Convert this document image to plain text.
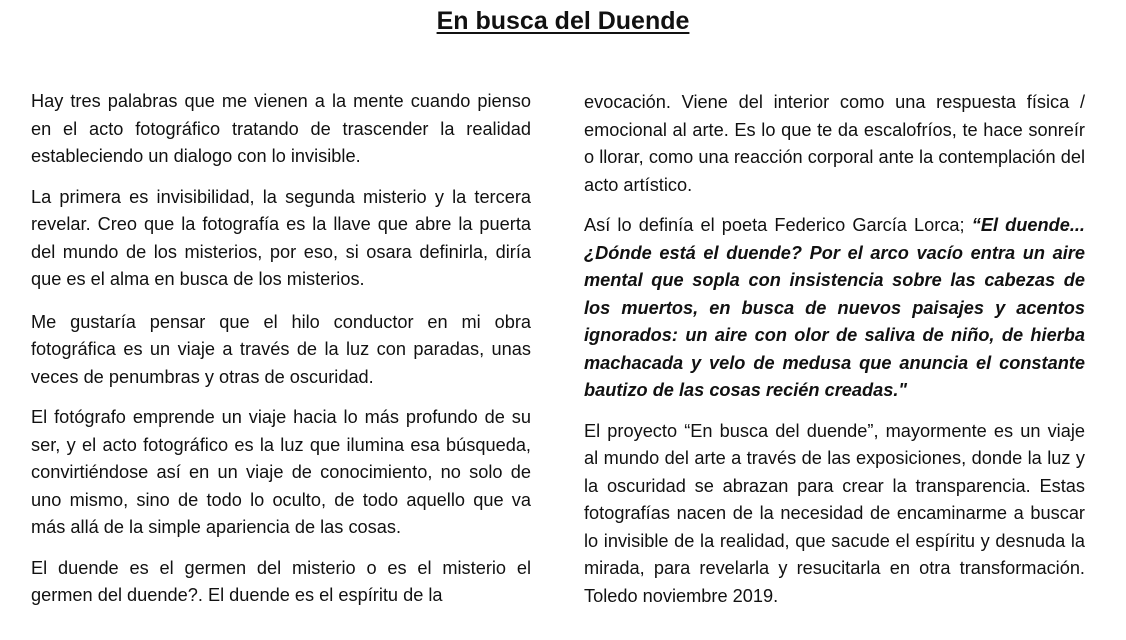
En busca del Duende

Hay tres palabras que me vienen a la mente cuando pienso en el acto fotográfico tratando de trascender la realidad estableciendo un dialogo con lo invisible.

La primera es invisibilidad, la segunda misterio y la tercera revelar. Creo que la fotografía es la llave que abre la puerta del mundo de los misterios, por eso, si osara definirla, diría que es el alma en busca de los misterios.

Me gustaría pensar que el hilo conductor en mi obra fotográfica es un viaje a través de la luz con paradas, unas veces de penumbras y otras de oscuridad.

El fotógrafo emprende un viaje hacia lo más profundo de su ser, y el acto fotográfico es la luz que ilumina esa búsqueda, convirtiéndose así en un viaje de conocimiento, no solo de uno mismo, sino de todo lo oculto, de todo aquello que va más allá de la simple apariencia de las cosas.

El duende es el germen del misterio o es el misterio el germen del duende?. El duende es el espíritu de la

evocación. Viene del interior como una respuesta física / emocional al arte. Es lo que te da escalofríos, te hace sonreír o llorar, como una reacción corporal ante la contemplación del acto artístico.

Así lo definía el poeta Federico García Lorca; “El duende... ¿Dónde está el duende? Por el arco vacío entra un aire mental que sopla con insistencia sobre las cabezas de los muertos, en busca de nuevos paisajes y acentos ignorados: un aire con olor de saliva de niño, de hierba machacada y velo de medusa que anuncia el constante bautizo de las cosas recién creadas."

El proyecto “En busca del duende”, mayormente es un viaje al mundo del arte a través de las exposiciones, donde la luz y la oscuridad se abrazan para crear la transparencia. Estas fotografías nacen de la necesidad de encaminarme a buscar lo invisible de la realidad, que sacude el espíritu y desnuda la mirada, para revelarla y resucitarla en otra transformación. Toledo noviembre 2019.
